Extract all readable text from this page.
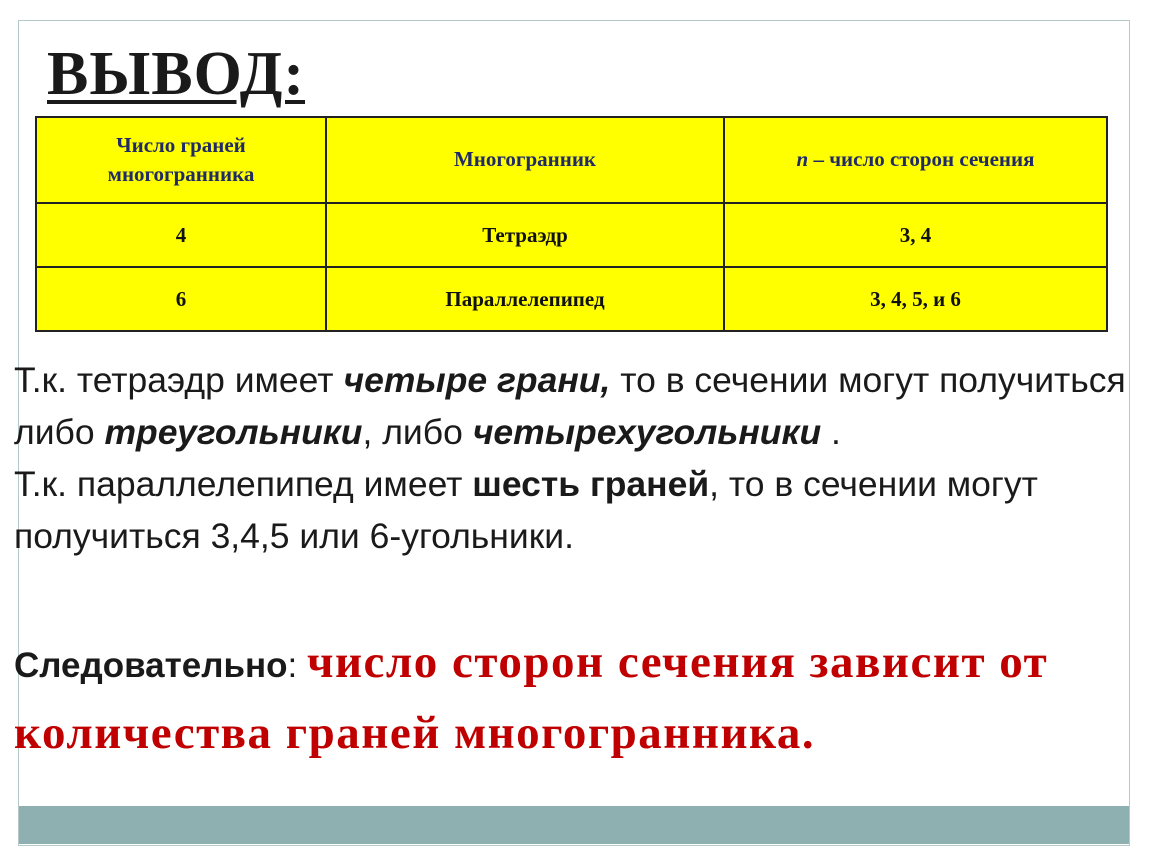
ВЫВОД:
Число граней многогранника	Многогранник	n – число сторон сечения
4	Тетраэдр	3, 4
6	Параллелепипед	3, 4, 5, и 6

Т.к. тетраэдр имеет четыре грани, то в сечении могут получиться либо треугольники, либо четырехугольники .
Т.к. параллелепипед имеет шесть граней, то в сечении могут получиться 3,4,5 или 6-угольники.

Следовательно: число сторон сечения зависит от количества граней многогранника.
